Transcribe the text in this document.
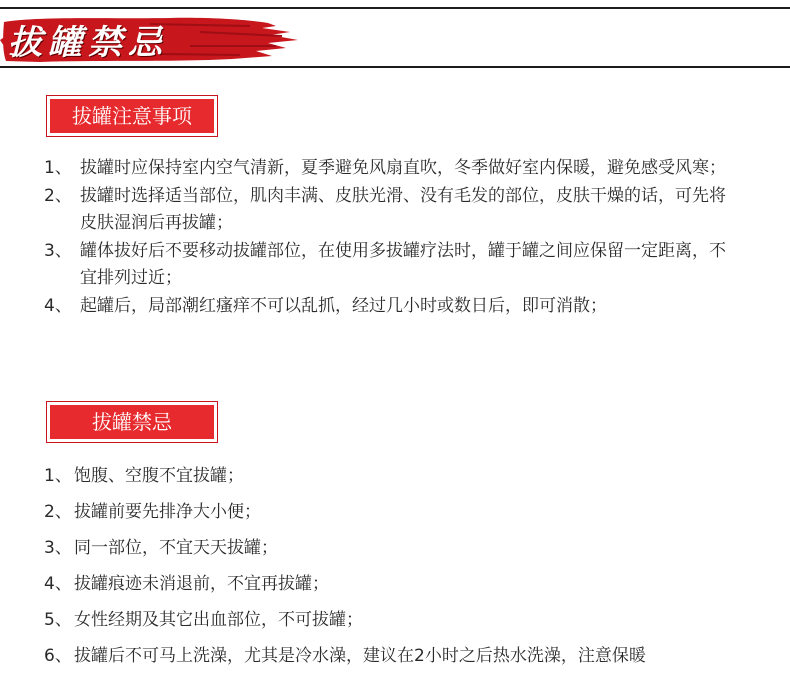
拔罐禁忌
拔罐注意事项
1、 拔罐时应保持室内空气清新，夏季避免风扇直吹，冬季做好室内保暖，避免感受风寒；
2、 拔罐时选择适当部位，肌肉丰满、皮肤光滑、没有毛发的部位，皮肤干燥的话，可先将皮肤湿润后再拔罐；
3、 罐体拔好后不要移动拔罐部位，在使用多拔罐疗法时，罐于罐之间应保留一定距离，不宜排列过近；
4、 起罐后，局部潮红瘙痒不可以乱抓，经过几小时或数日后，即可消散；
拔罐禁忌
1、 饱腹、空腹不宜拔罐；
2、 拔罐前要先排净大小便；
3、 同一部位，不宜天天拔罐；
4、 拔罐痕迹未消退前，不宜再拔罐；
5、 女性经期及其它出血部位，不可拔罐；
6、 拔罐后不可马上洗澡，尤其是冷水澡，建议在2小时之后热水洗澡，注意保暖
